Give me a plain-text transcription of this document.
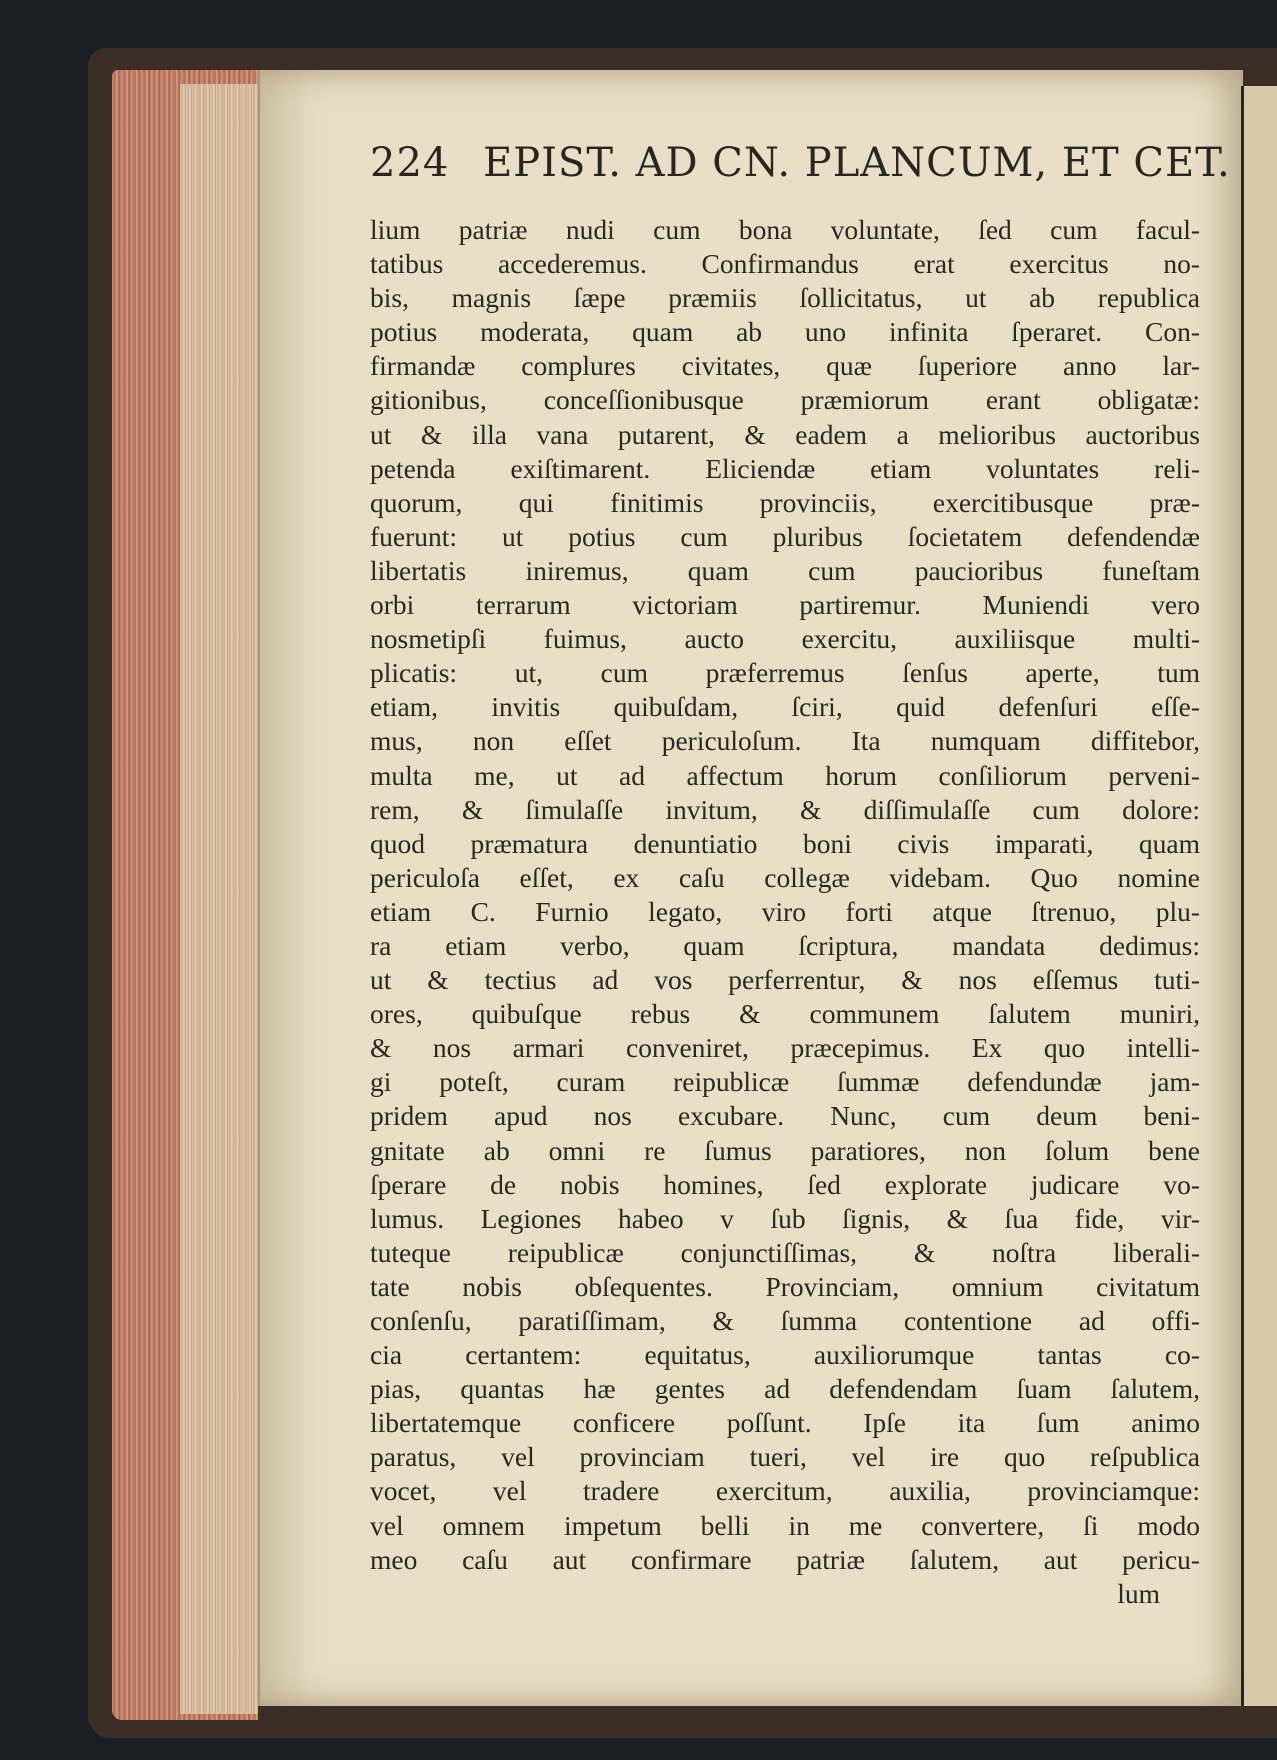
224 EPIST. AD CN. PLANCUM, ET CET.
lium patriæ nudi cum bona voluntate, ſed cum facul-
tatibus accederemus. Confirmandus erat exercitus no-
bis, magnis ſæpe præmiis ſollicitatus, ut ab republica
potius moderata, quam ab uno infinita ſperaret. Con-
firmandæ complures civitates, quæ ſuperiore anno lar-
gitionibus, conceſſionibusque præmiorum erant obligatæ:
ut & illa vana putarent, & eadem a melioribus auctoribus
petenda exiſtimarent. Eliciendæ etiam voluntates reli-
quorum, qui finitimis provinciis, exercitibusque præ-
fuerunt: ut potius cum pluribus ſocietatem defendendæ
libertatis iniremus, quam cum paucioribus funeſtam
orbi terrarum victoriam partiremur. Muniendi vero
nosmetipſi fuimus, aucto exercitu, auxiliisque multi-
plicatis: ut, cum præferremus ſenſus aperte, tum
etiam, invitis quibuſdam, ſciri, quid defenſuri eſſe-
mus, non eſſet periculoſum. Ita numquam diffitebor,
multa me, ut ad affectum horum conſiliorum perveni-
rem, & ſimulaſſe invitum, & diſſimulaſſe cum dolore:
quod præmatura denuntiatio boni civis imparati, quam
periculoſa eſſet, ex caſu collegæ videbam. Quo nomine
etiam C. Furnio legato, viro forti atque ſtrenuo, plu-
ra etiam verbo, quam ſcriptura, mandata dedimus:
ut & tectius ad vos perferrentur, & nos eſſemus tuti-
ores, quibuſque rebus & communem ſalutem muniri,
& nos armari conveniret, præcepimus. Ex quo intelli-
gi poteſt, curam reipublicæ ſummæ defendundæ jam-
pridem apud nos excubare. Nunc, cum deum beni-
gnitate ab omni re ſumus paratiores, non ſolum bene
ſperare de nobis homines, ſed explorate judicare vo-
lumus. Legiones habeo v ſub ſignis, & ſua fide, vir-
tuteque reipublicæ conjunctiſſimas, & noſtra liberali-
tate nobis obſequentes. Provinciam, omnium civitatum
conſenſu, paratiſſimam, & ſumma contentione ad offi-
cia certantem: equitatus, auxiliorumque tantas co-
pias, quantas hæ gentes ad defendendam ſuam ſalutem,
libertatemque conficere poſſunt. Ipſe ita ſum animo
paratus, vel provinciam tueri, vel ire quo reſpublica
vocet, vel tradere exercitum, auxilia, provinciamque:
vel omnem impetum belli in me convertere, ſi modo
meo caſu aut confirmare patriæ ſalutem, aut pericu-
lum
